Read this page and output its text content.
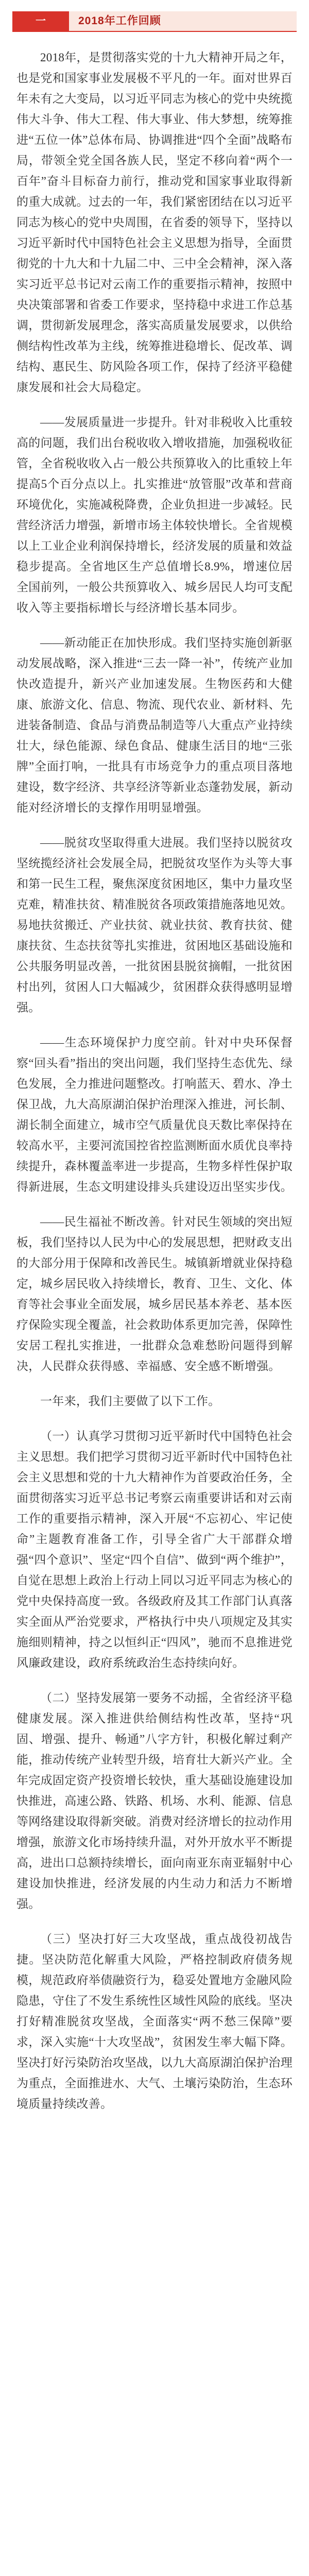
一	2018年工作回顾

2018年，是贯彻落实党的十九大精神开局之年，也是党和国家事业发展极不平凡的一年。面对世界百年未有之大变局，以习近平同志为核心的党中央统揽伟大斗争、伟大工程、伟大事业、伟大梦想，统筹推进“五位一体”总体布局、协调推进“四个全面”战略布局，带领全党全国各族人民，坚定不移向着“两个一百年”奋斗目标奋力前行，推动党和国家事业取得新的重大成就。过去的一年，我们紧密团结在以习近平同志为核心的党中央周围，在省委的领导下，坚持以习近平新时代中国特色社会主义思想为指导，全面贯彻党的十九大和十九届二中、三中全会精神，深入落实习近平总书记对云南工作的重要指示精神，按照中央决策部署和省委工作要求，坚持稳中求进工作总基调，贯彻新发展理念，落实高质量发展要求，以供给侧结构性改革为主线，统筹推进稳增长、促改革、调结构、惠民生、防风险各项工作，保持了经济平稳健康发展和社会大局稳定。

——发展质量进一步提升。针对非税收入比重较高的问题，我们出台税收收入增收措施，加强税收征管，全省税收收入占一般公共预算收入的比重较上年提高5个百分点以上。扎实推进“放管服”改革和营商环境优化，实施减税降费，企业负担进一步减轻。民营经济活力增强，新增市场主体较快增长。全省规模以上工业企业利润保持增长，经济发展的质量和效益稳步提高。全省地区生产总值增长8.9%，增速位居全国前列，一般公共预算收入、城乡居民人均可支配收入等主要指标增长与经济增长基本同步。

——新动能正在加快形成。我们坚持实施创新驱动发展战略，深入推进“三去一降一补”，传统产业加快改造提升，新兴产业加速发展。生物医药和大健康、旅游文化、信息、物流、现代农业、新材料、先进装备制造、食品与消费品制造等八大重点产业持续壮大，绿色能源、绿色食品、健康生活目的地“三张牌”全面打响，一批具有市场竞争力的重点项目落地建设，数字经济、共享经济等新业态蓬勃发展，新动能对经济增长的支撑作用明显增强。

——脱贫攻坚取得重大进展。我们坚持以脱贫攻坚统揽经济社会发展全局，把脱贫攻坚作为头等大事和第一民生工程，聚焦深度贫困地区，集中力量攻坚克难，精准扶贫、精准脱贫各项政策措施落地见效。易地扶贫搬迁、产业扶贫、就业扶贫、教育扶贫、健康扶贫、生态扶贫等扎实推进，贫困地区基础设施和公共服务明显改善，一批贫困县脱贫摘帽，一批贫困村出列，贫困人口大幅减少，贫困群众获得感明显增强。

——生态环境保护力度空前。针对中央环保督察“回头看”指出的突出问题，我们坚持生态优先、绿色发展，全力推进问题整改。打响蓝天、碧水、净土保卫战，九大高原湖泊保护治理深入推进，河长制、湖长制全面建立，城市空气质量优良天数比率保持在较高水平，主要河流国控省控监测断面水质优良率持续提升，森林覆盖率进一步提高，生物多样性保护取得新进展，生态文明建设排头兵建设迈出坚实步伐。

——民生福祉不断改善。针对民生领域的突出短板，我们坚持以人民为中心的发展思想，把财政支出的大部分用于保障和改善民生。城镇新增就业保持稳定，城乡居民收入持续增长，教育、卫生、文化、体育等社会事业全面发展，城乡居民基本养老、基本医疗保险实现全覆盖，社会救助体系更加完善，保障性安居工程扎实推进，一批群众急难愁盼问题得到解决，人民群众获得感、幸福感、安全感不断增强。

一年来，我们主要做了以下工作。

（一）认真学习贯彻习近平新时代中国特色社会主义思想。我们把学习贯彻习近平新时代中国特色社会主义思想和党的十九大精神作为首要政治任务，全面贯彻落实习近平总书记考察云南重要讲话和对云南工作的重要指示精神，深入开展“不忘初心、牢记使命”主题教育准备工作，引导全省广大干部群众增强“四个意识”、坚定“四个自信”、做到“两个维护”，自觉在思想上政治上行动上同以习近平同志为核心的党中央保持高度一致。各级政府及其工作部门认真落实全面从严治党要求，严格执行中央八项规定及其实施细则精神，持之以恒纠正“四风”，驰而不息推进党风廉政建设，政府系统政治生态持续向好。

（二）坚持发展第一要务不动摇，全省经济平稳健康发展。深入推进供给侧结构性改革，坚持“巩固、增强、提升、畅通”八字方针，积极化解过剩产能，推动传统产业转型升级，培育壮大新兴产业。全年完成固定资产投资增长较快，重大基础设施建设加快推进，高速公路、铁路、机场、水利、能源、信息等网络建设取得新突破。消费对经济增长的拉动作用增强，旅游文化市场持续升温，对外开放水平不断提高，进出口总额持续增长，面向南亚东南亚辐射中心建设加快推进，经济发展的内生动力和活力不断增强。

（三）坚决打好三大攻坚战，重点战役初战告捷。坚决防范化解重大风险，严格控制政府债务规模，规范政府举债融资行为，稳妥处置地方金融风险隐患，守住了不发生系统性区域性风险的底线。坚决打好精准脱贫攻坚战，全面落实“两不愁三保障”要求，深入实施“十大攻坚战”，贫困发生率大幅下降。坚决打好污染防治攻坚战，以九大高原湖泊保护治理为重点，全面推进水、大气、土壤污染防治，生态环境质量持续改善。
